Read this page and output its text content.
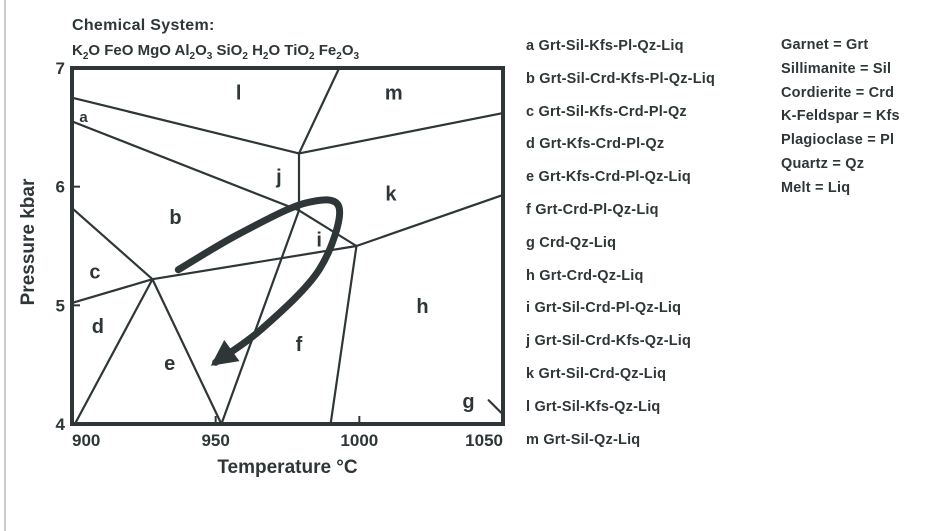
Chemical System:
$K_2O$ FeO MgO $Al_2O_3$ SiO$_2$ $H_2O$ TiO$_2$ $Fe_2O_3$
900	950	1000	1050
7
6
5
4
l	m
a
j
b
k
i
c
d
h
f
e
g
Temperature °C
Pressure kbar
a Grt-Sil-Kfs-Pl-Qz-Liq
b Grt-Sil-Crd-Kfs-Pl-Qz-Liq
c Grt-Sil-Kfs-Crd-Pl-Qz
d Grt-Kfs-Crd-Pl-Qz
e Grt-Kfs-Crd-Pl-Qz-Liq
f Grt-Crd-Pl-Qz-Liq
g Crd-Qz-Liq
h Grt-Crd-Qz-Liq
i Grt-Sil-Crd-Pl-Qz-Liq
j Grt-Sil-Crd-Kfs-Qz-Liq
k Grt-Sil-Crd-Qz-Liq
l Grt-Sil-Kfs-Qz-Liq
m Grt-Sil-Qz-Liq
Garnet = Grt
Sillimanite = Sil
Cordierite = Crd
K-Feldspar = Kfs
Plagioclase = Pl
Quartz = Qz
Melt = Liq
